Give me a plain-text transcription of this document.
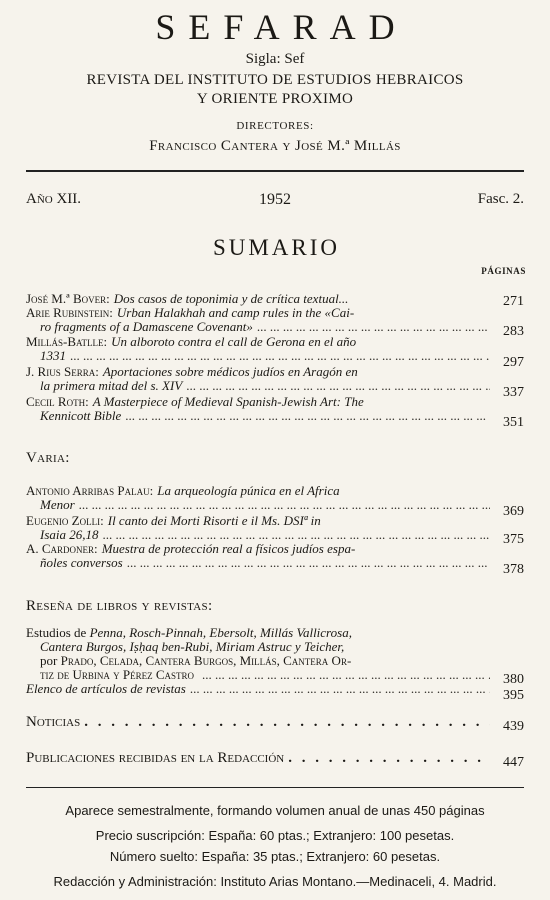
SEFARAD
Sigla: Sef
REVISTA DEL INSTITUTO DE ESTUDIOS HEBRAICOS
Y ORIENTE PROXIMO
DIRECTORES:
Francisco Cantera y José M.ª Millás
1952
Año XII.	Fasc. 2.
SUMARIO
PÁGINAS
José M.ª Bover: Dos casos de toponimia y de crítica textual...	271
Arie Rubinstein: Urban Halakhah and camp rules in the «Cai-
ro fragments of a Damascene Covenant» ... .	283
Millás-Batlle: Un alboroto contra el call de Gerona en el año
1331 ... .	297
J. Rius Serra: Aportaciones sobre médicos judíos en Aragón en
la primera mitad del s. XIV ... .	337
Cecil Roth: A Masterpiece of Medieval Spanish-Jewish Art: The
Kennicott Bible ... .	351
Varia:
Antonio Arribas Palau: La arqueología púnica en el Africa
Menor ... .	369
Eugenio Zolli: Il canto dei Morti Risorti e il Ms. DSIª in
Isaia 26,18 ... .	375
A. Cardoner: Muestra de protección real a físicos judíos espa-
ñoles conversos ... .	378
Reseña de libros y revistas:
Estudios de
Penna, Rosch-Pinnah, Ebersolt, Millás Vallicrosa,
Cantera Burgos, Iṣḥaq ben-Rubi, Miriam Astruc y Teicher,
por
Prado, Celada, Cantera Burgos, Millás, Cantera Or-
tiz de Urbina y Pérez Castro ... .	380
Elenco de artículos de revistas ... .	395
Noticias . . .	439
Publicaciones recibidas en la Redacción . . .	447
Aparece semestralmente, formando volumen anual de unas 450 páginas
Precio suscripción: España: 60 ptas.; Extranjero: 100 pesetas.
Número suelto: España: 35 ptas.; Extranjero: 60 pesetas.
Redacción y Administración: Instituto Arias Montano.—Medinaceli, 4. Madrid.
